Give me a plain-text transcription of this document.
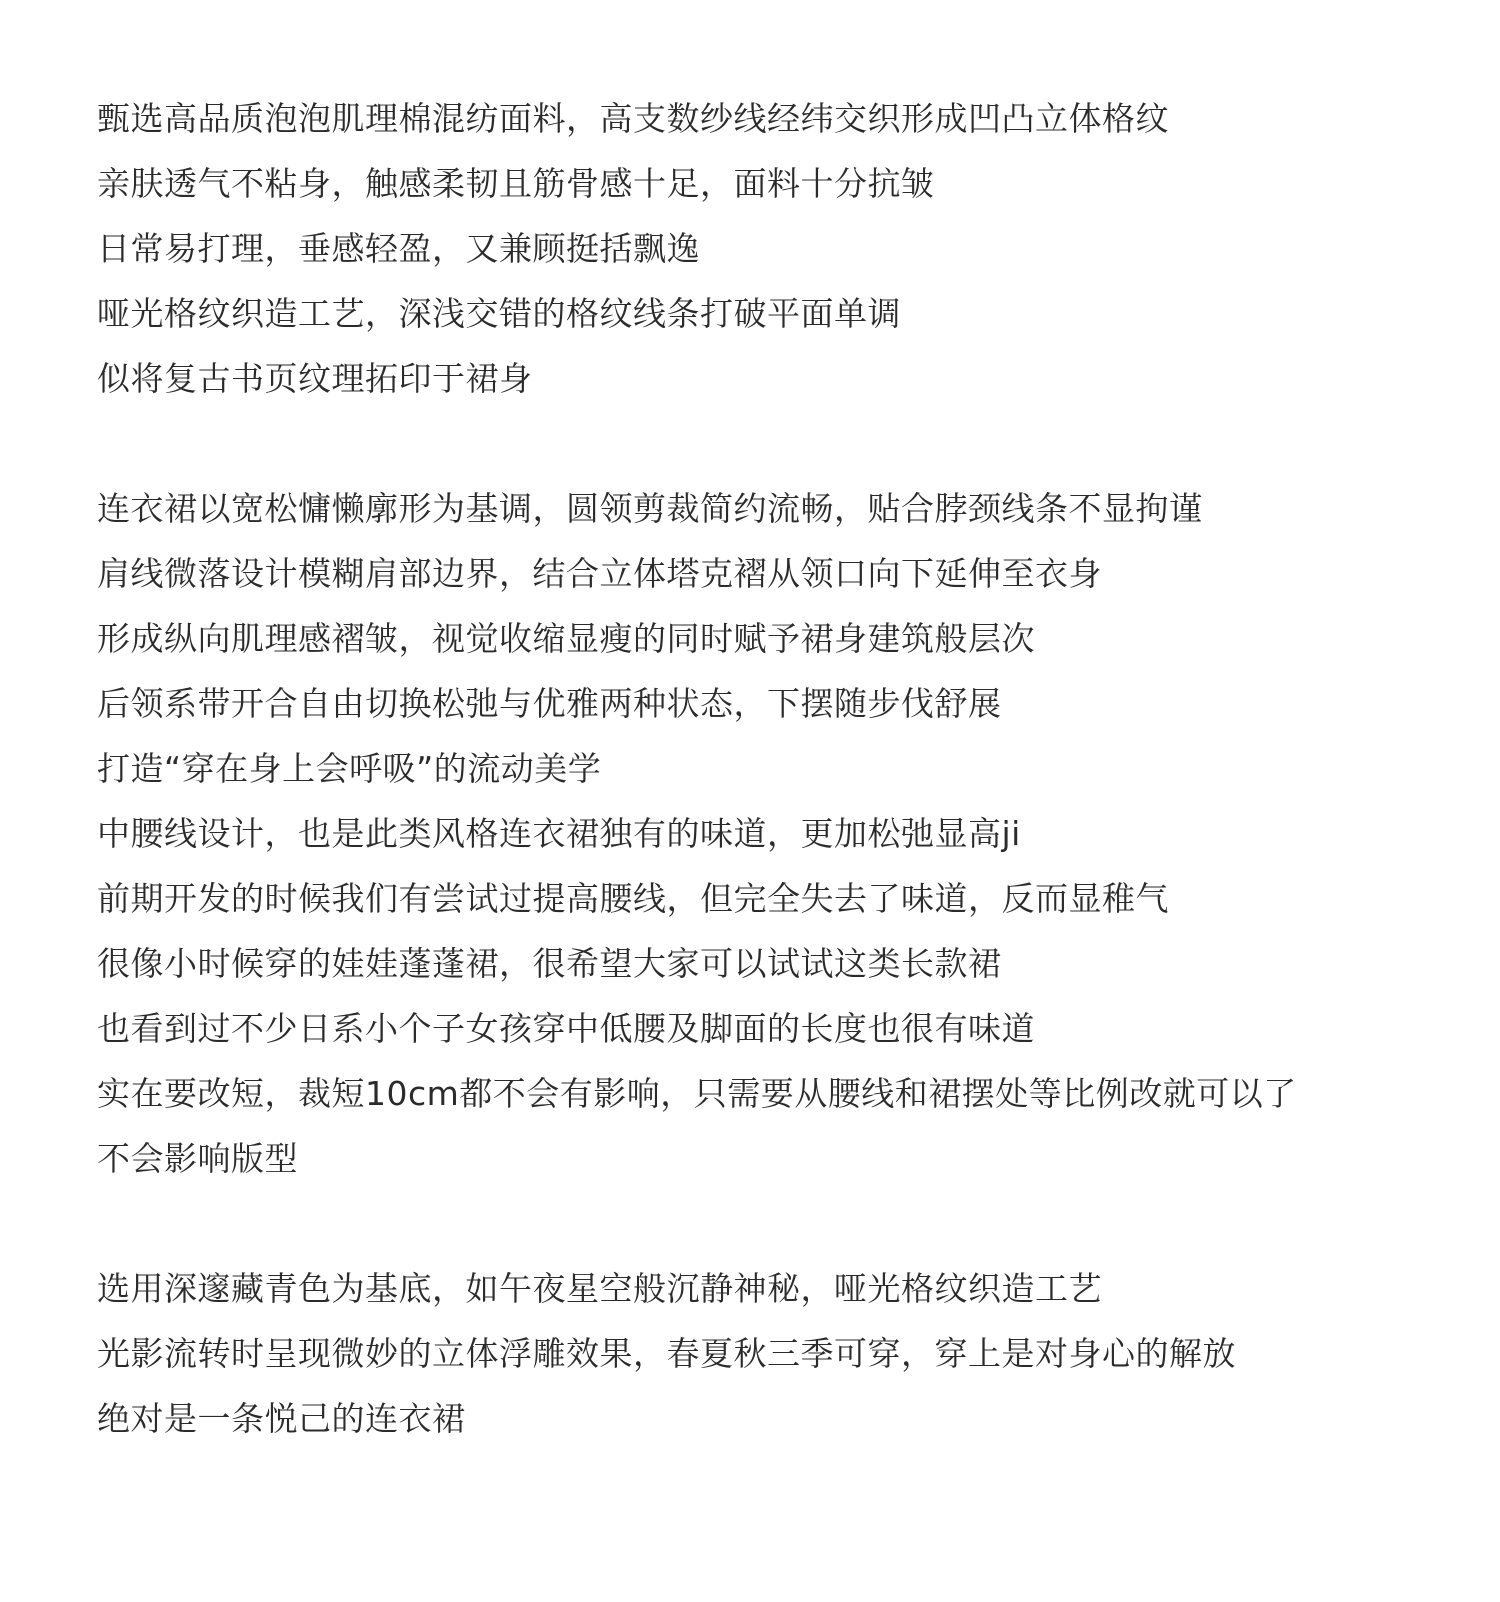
甄选高品质泡泡肌理棉混纺面料，高支数纱线经纬交织形成凹凸立体格纹
亲肤透气不粘身，触感柔韧且筋骨感十足，面料十分抗皱
日常易打理，垂感轻盈，又兼顾挺括飘逸
哑光格纹织造工艺，深浅交错的格纹线条打破平面单调
似将复古书页纹理拓印于裙身

连衣裙以宽松慵懒廓形为基调，圆领剪裁简约流畅，贴合脖颈线条不显拘谨
肩线微落设计模糊肩部边界，结合立体塔克褶从领口向下延伸至衣身
形成纵向肌理感褶皱，视觉收缩显瘦的同时赋予裙身建筑般层次
后领系带开合自由切换松弛与优雅两种状态，下摆随步伐舒展
打造“穿在身上会呼吸”的流动美学
中腰线设计，也是此类风格连衣裙独有的味道，更加松弛显高ji
前期开发的时候我们有尝试过提高腰线，但完全失去了味道，反而显稚气
很像小时候穿的娃娃蓬蓬裙，很希望大家可以试试这类长款裙
也看到过不少日系小个子女孩穿中低腰及脚面的长度也很有味道
实在要改短，裁短10cm都不会有影响，只需要从腰线和裙摆处等比例改就可以了
不会影响版型

选用深邃藏青色为基底，如午夜星空般沉静神秘，哑光格纹织造工艺
光影流转时呈现微妙的立体浮雕效果，春夏秋三季可穿，穿上是对身心的解放
绝对是一条悦己的连衣裙
